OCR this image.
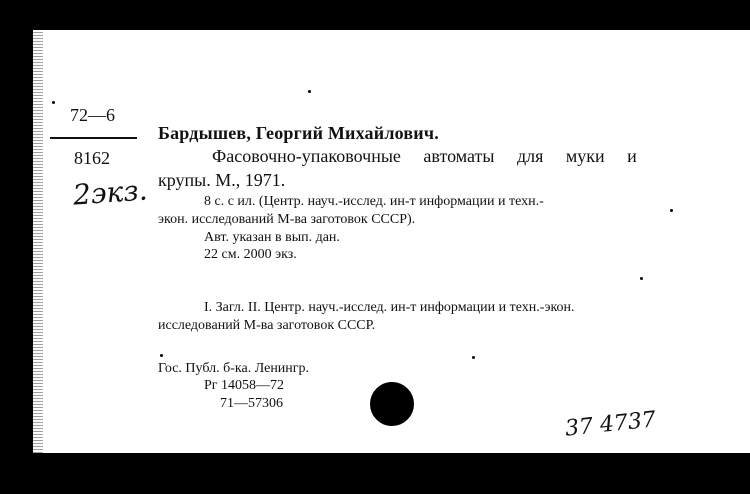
72—6
8162
2экз.
Бардышев, Георгий Михайлович.
Фасовочно-упаковочные автоматы для муки и
крупы. М., 1971.
8 с. с ил. (Центр. науч.-исслед. ин-т информации и техн.-
экон. исследований М-ва заготовок СССР).
Авт. указан в вып. дан.
22 см. 2000 экз.
I. Загл. II. Центр. науч.-исслед. ин-т информации и техн.-экон.
исследований М-ва заготовок СССР.
Гос. Публ. б-ка. Ленингр.
Рг 14058—72
71—57306
37 4737
